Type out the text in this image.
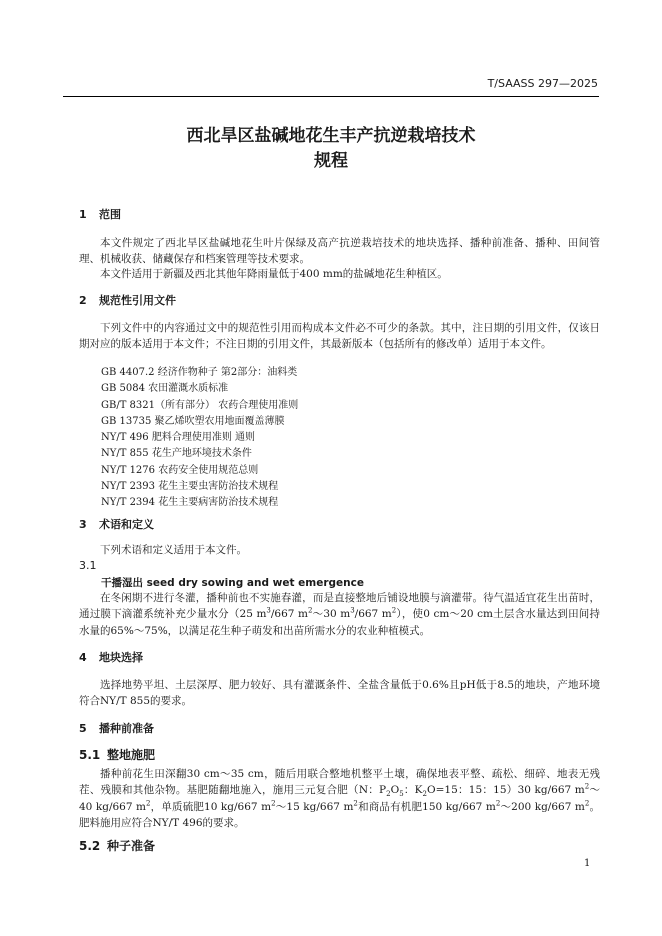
T/SAASS 297—2025
西北旱区盐碱地花生丰产抗逆栽培技术
规程
1 范围
本文件规定了西北旱区盐碱地花生叶片保绿及高产抗逆栽培技术的地块选择、播种前准备、播种、田间管理、机械收获、储藏保存和档案管理等技术要求。
本文件适用于新疆及西北其他年降雨量低于400 mm的盐碱地花生种植区。
2 规范性引用文件
下列文件中的内容通过文中的规范性引用而构成本文件必不可少的条款。其中，注日期的引用文件，仅该日期对应的版本适用于本文件；不注日期的引用文件，其最新版本（包括所有的修改单）适用于本文件。
GB 4407.2 经济作物种子 第2部分：油料类
GB 5084 农田灌溉水质标准
GB/T 8321（所有部分） 农药合理使用准则
GB 13735 聚乙烯吹塑农用地面覆盖薄膜
NY/T 496 肥料合理使用准则 通则
NY/T 855 花生产地环境技术条件
NY/T 1276 农药安全使用规范总则
NY/T 2393 花生主要虫害防治技术规程
NY/T 2394 花生主要病害防治技术规程
3 术语和定义
下列术语和定义适用于本文件。
3.1
干播湿出 seed dry sowing and wet emergence
在冬闲期不进行冬灌，播种前也不实施春灌，而是直接整地后铺设地膜与滴灌带。待气温适宜花生出苗时，通过膜下滴灌系统补充少量水分（25 $m^3/667$ $m^2\sim 30$ $m^3/667$ $m^2$），使0 cm～20 cm土层含水量达到田间持水量的65%～75%，以满足花生种子萌发和出苗所需水分的农业种植模式。
4 地块选择
选择地势平坦、土层深厚、肥力较好、具有灌溉条件、全盐含量低于0.6%且pH低于8.5的地块，产地环境符合NY/T 855的要求。
5 播种前准备
5.1 整地施肥
播种前花生田深翻30 cm～35 cm，随后用联合整地机整平土壤，确保地表平整、疏松、细碎、地表无残茬、残膜和其他杂物。基肥随翻地施入，施用三元复合肥（N：$P_2O_5$：$K_2O=15$：15：15）30 kg/667 $m^2\sim 40$ kg/667 $m^2$，单质硫肥10 kg/667 $m^2\sim 15$ kg/667 $m^2$和商品有机肥150 kg/667 $m^2\sim 200$ kg/667 $m^2$。肥料施用应符合NY/T 496的要求。
5.2 种子准备
1
